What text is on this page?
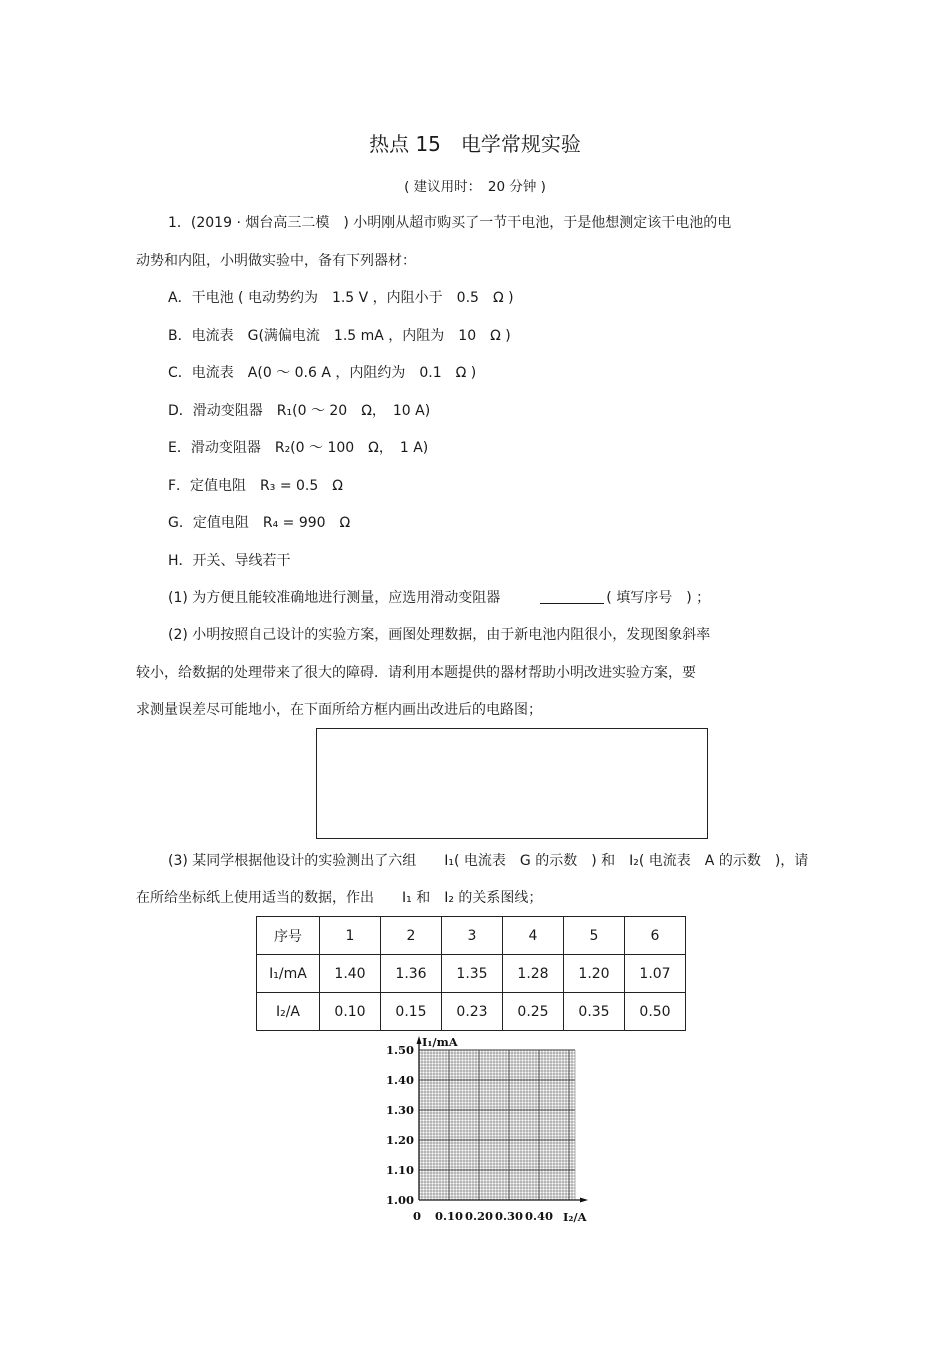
热点 15　电学常规实验
( 建议用时：　20 分钟 )
1．(2019 · 烟台高三二模　) 小明刚从超市购买了一节干电池，于是他想测定该干电池的电
动势和内阻，小明做实验中，备有下列器材：
A．干电池 ( 电动势约为　1.5 V ，内阻小于　0.5　Ω )
B．电流表　G(满偏电流　1.5 mA ，内阻为　10　Ω )
C．电流表　A(0 ～ 0.6 A ，内阻约为　0.1　Ω )
D．滑动变阻器　R₁(0 ～ 20　Ω，　10 A)
E．滑动变阻器　R₂(0 ～ 100　Ω，　1 A)
F．定值电阻　R₃ = 0.5　Ω
G．定值电阻　R₄ = 990　Ω
H．开关、导线若干
(1) 为方便且能较准确地进行测量，应选用滑动变阻器	( 填写序号　) ；
(2) 小明按照自己设计的实验方案，画图处理数据，由于新电池内阻很小，发现图象斜率
较小，给数据的处理带来了很大的障碍．请利用本题提供的器材帮助小明改进实验方案，要
求测量误差尽可能地小，在下面所给方框内画出改进后的电路图；
(3) 某同学根据他设计的实验测出了六组　　I₁( 电流表　G 的示数　) 和　I₂( 电流表　A 的示数　)，请
在所给坐标纸上使用适当的数据，作出　　I₁ 和　I₂ 的关系图线；
序号	1	2	3	4	5	6
I₁/mA	1.40	1.36	1.35	1.28	1.20	1.07
I₂/A	0.10	0.15	0.23	0.25	0.35	0.50
I₁/mA
I₂/A
1.50
1.40
1.30
1.20
1.10
1.00
0 0.10 0.20 0.30 0.40
